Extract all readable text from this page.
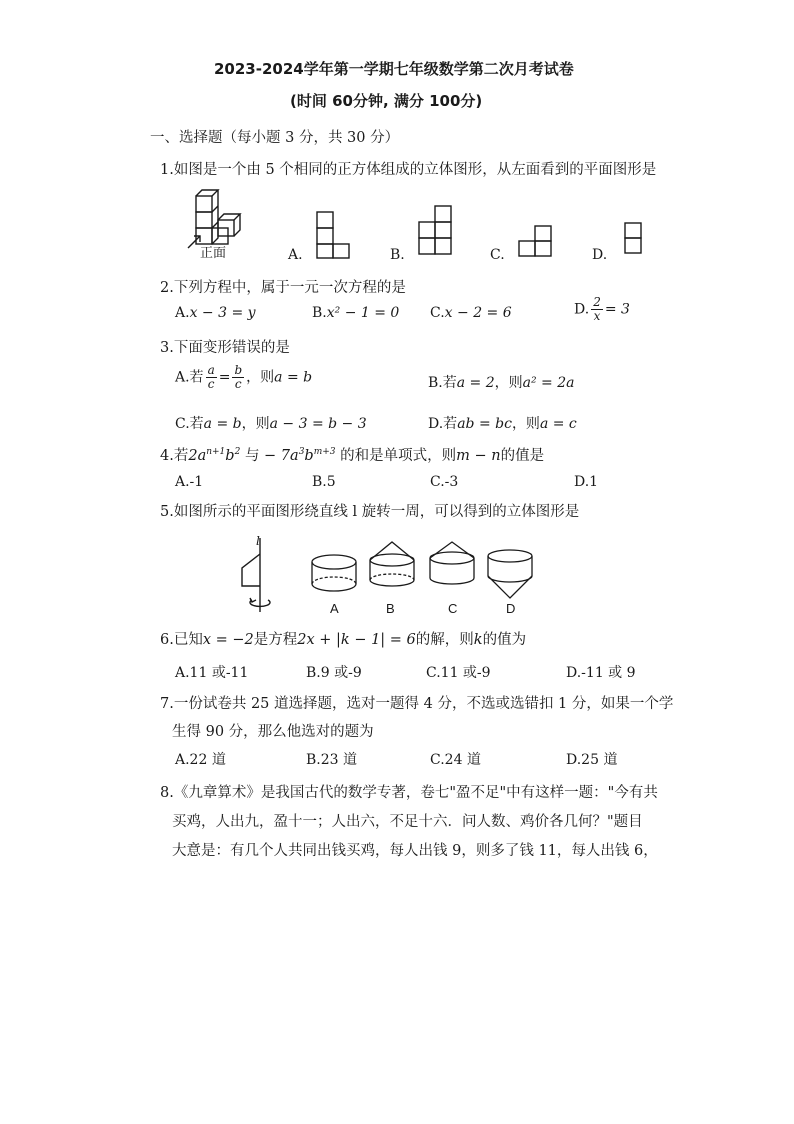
2023-2024学年第一学期七年级数学第二次月考试卷
(时间 60分钟, 满分 100分)
一、选择题（每小题 3 分，共 30 分）
1.如图是一个由 5 个相同的正方体组成的立体图形，从左面看到的平面图形是
正面	A.	B.	C.	D.
2.下列方程中，属于一元一次方程的是
A.x − 3 = y	B.x² − 1 = 0 C.x − 2 = 6	D. $\frac{2}{x} = 3$
3.下面变形错误的是
A.若 $\frac{a}{c} = \frac{b}{c}$ ，则a = b	B.若a = 2，则a² = 2a
C.若a = b，则a − 3 = b − 3	D.若ab = bc，则a = c
4.若$2a^{n+1}b^2$ 与 − $7a^3b^{m+3}$ 的和是单项式，则m − n的值是
A.-1	B.5	C.-3	D.1
5.如图所示的平面图形绕直线 l 旋转一周，可以得到的立体图形是
l
A	B	C	D
6.已知x = −2是方程2x + |k − 1| = 6的解，则k的值为
A.11 或-11	B.9 或-9	C.11 或-9	D.-11 或 9
7.一份试卷共 25 道选择题，选对一题得 4 分，不选或选错扣 1 分，如果一个学
生得 90 分，那么他选对的题为
A.22 道	B.23 道	C.24 道	D.25 道
8.《九章算术》是我国古代的数学专著，卷七"盈不足"中有这样一题："今有共
买鸡，人出九，盈十一；人出六，不足十六．问人数、鸡价各几何？"题目
大意是：有几个人共同出钱买鸡，每人出钱 9，则多了钱 11，每人出钱 6，
